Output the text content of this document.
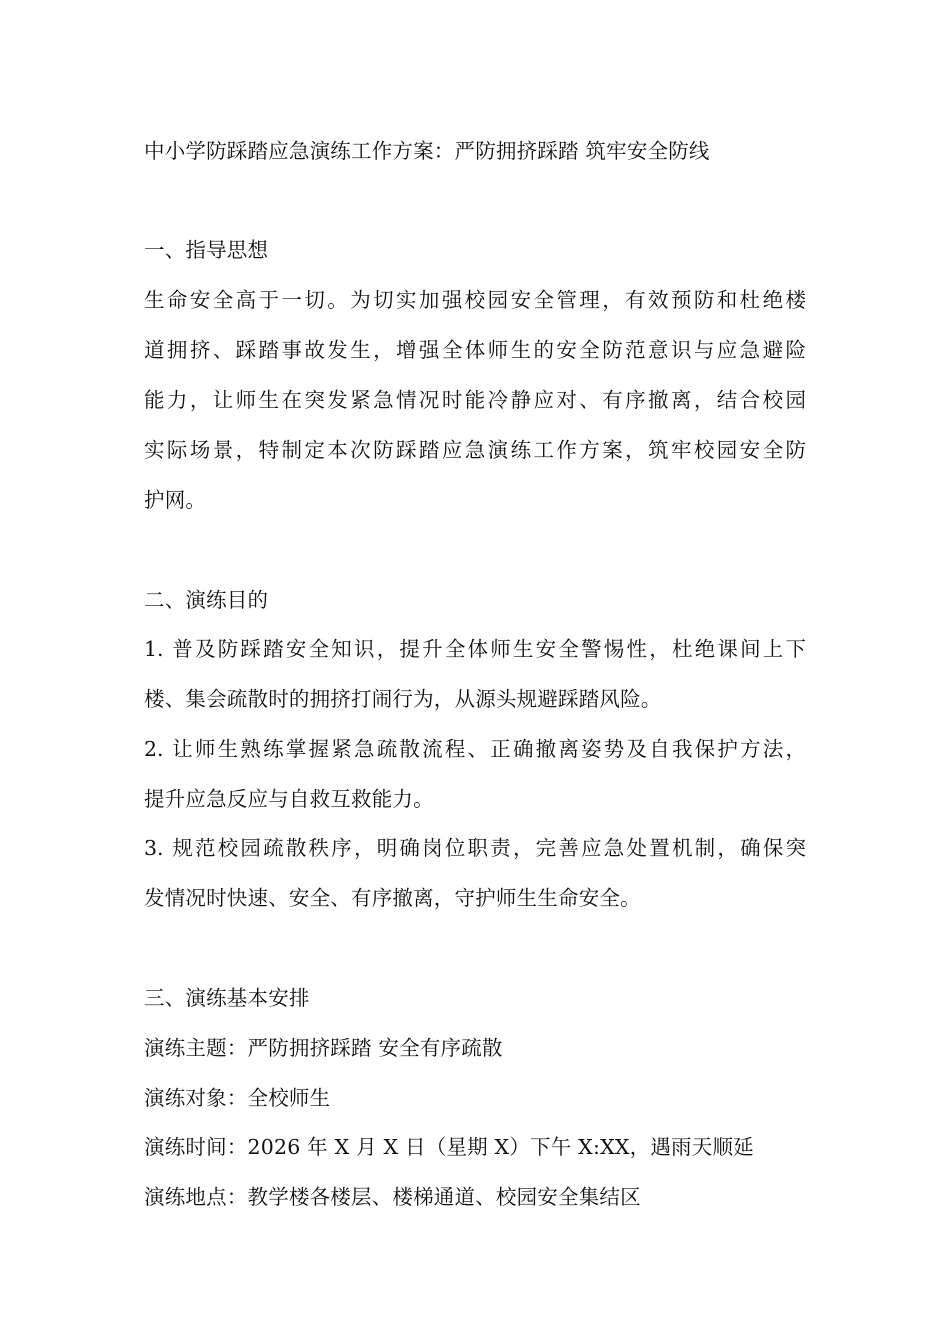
中小学防踩踏应急演练工作方案：严防拥挤踩踏 筑牢安全防线

一、指导思想

生命安全高于一切。为切实加强校园安全管理，有效预防和杜绝楼

道拥挤、踩踏事故发生，增强全体师生的安全防范意识与应急避险

能力，让师生在突发紧急情况时能冷静应对、有序撤离，结合校园

实际场景，特制定本次防踩踏应急演练工作方案，筑牢校园安全防

护网。

二、演练目的

1. 普及防踩踏安全知识，提升全体师生安全警惕性，杜绝课间上下

楼、集会疏散时的拥挤打闹行为，从源头规避踩踏风险。

2. 让师生熟练掌握紧急疏散流程、正确撤离姿势及自我保护方法，

提升应急反应与自救互救能力。

3. 规范校园疏散秩序，明确岗位职责，完善应急处置机制，确保突

发情况时快速、安全、有序撤离，守护师生生命安全。

三、演练基本安排

演练主题：严防拥挤踩踏 安全有序疏散

演练对象：全校师生

演练时间：2026 年 X 月 X 日（星期 X）下午 X:XX，遇雨天顺延

演练地点：教学楼各楼层、楼梯通道、校园安全集结区
